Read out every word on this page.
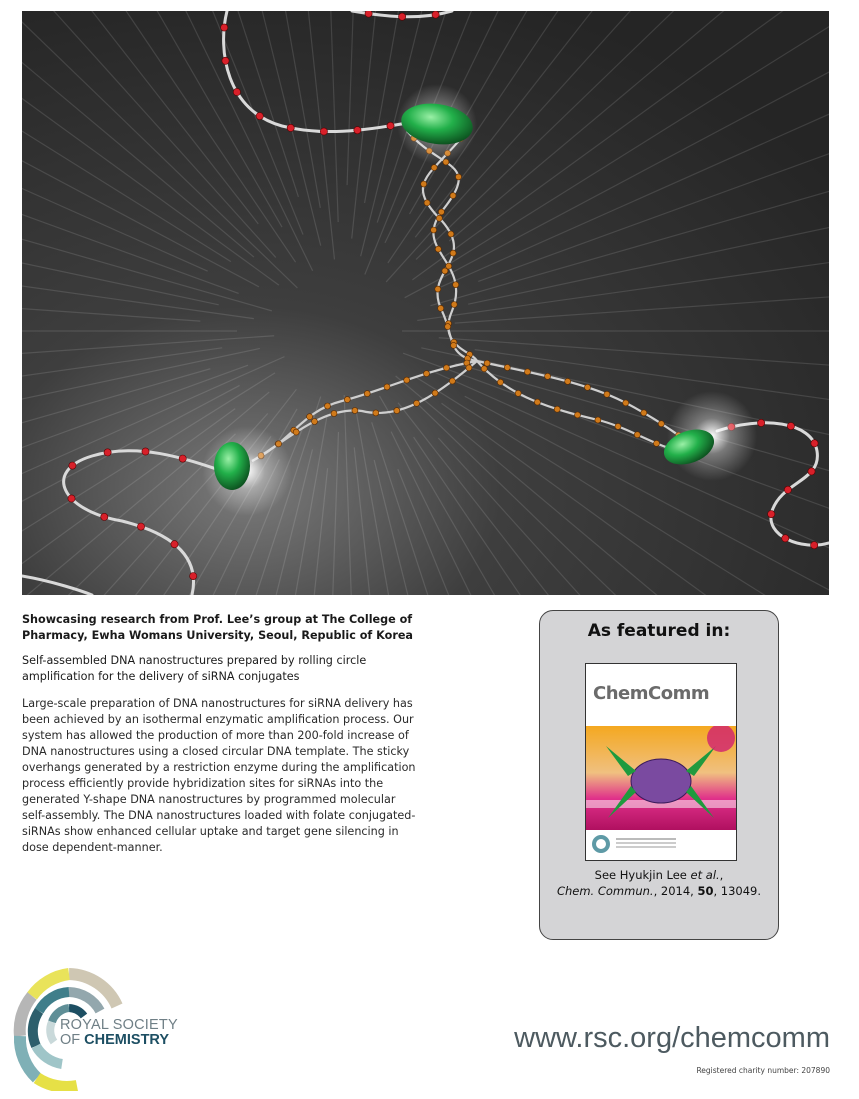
Showcasing research from Prof. Lee’s group at The College of Pharmacy, Ewha Womans University, Seoul, Republic of Korea

Self-assembled DNA nanostructures prepared by rolling circle amplification for the delivery of siRNA conjugates

Large-scale preparation of DNA nanostructures for siRNA delivery has been achieved by an isothermal enzymatic amplification process. Our system has allowed the production of more than 200-fold increase of DNA nanostructures using a closed circular DNA template. The sticky overhangs generated by a restriction enzyme during the amplification process efficiently provide hybridization sites for siRNAs into the generated Y-shape DNA nanostructures by programmed molecular self-assembly. The DNA nanostructures loaded with folate conjugated-siRNAs show enhanced cellular uptake and target gene silencing in dose dependent-manner.

As featured in:
ChemComm
See Hyukjin Lee et al.,
Chem. Commun., 2014, 50, 13049.
ROYAL SOCIETY
OF CHEMISTRY	www.rsc.org/chemcomm
Registered charity number: 207890
